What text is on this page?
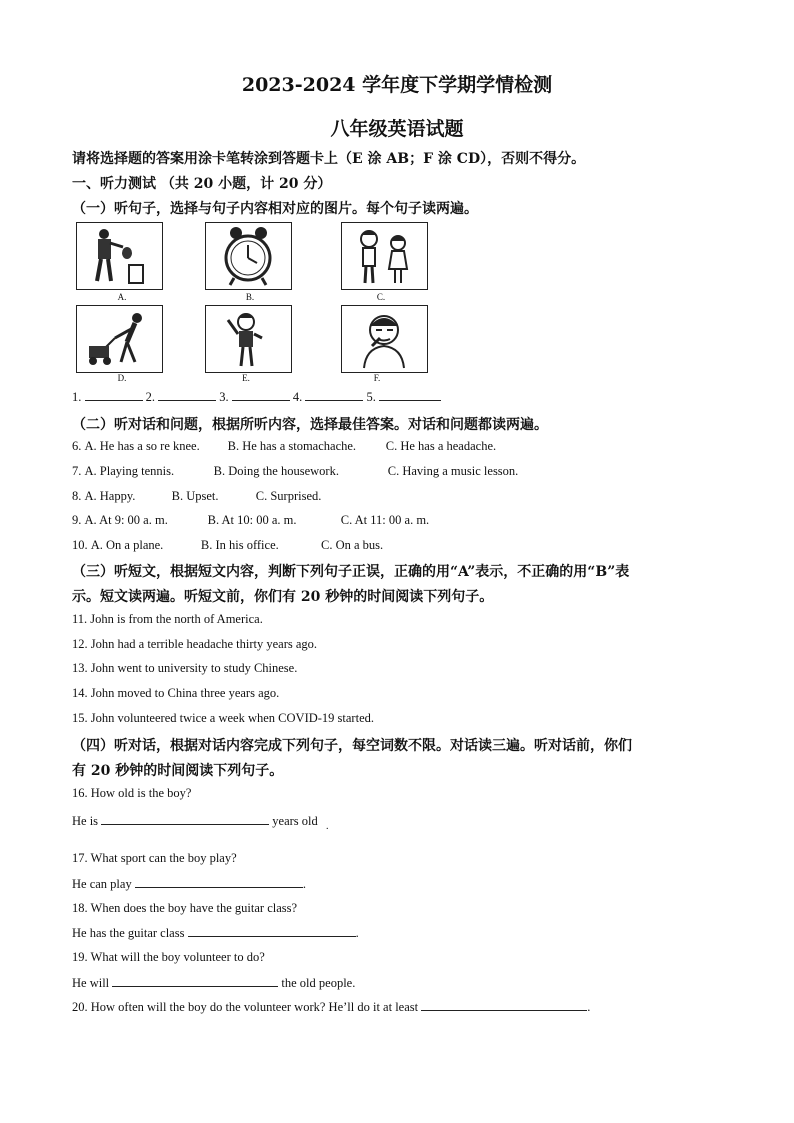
2023-2024 学年度下学期学情检测
八年级英语试题
请将选择题的答案用涂卡笔转涂到答题卡上（E 涂 AB；F 涂 CD），否则不得分。
一、听力测试 （共 20 小题，计 20 分）
（一）听句子，选择与句子内容相对应的图片。每个句子读两遍。
A.	B.	C.
D.	E.	F.
1.	2.	3.	4.	5.
（二）听对话和问题，根据所听内容，选择最佳答案。对话和问题都读两遍。
6. A. He has a so re knee. B. He has a stomachache. C. He has a headache.
7. A. Playing tennis.	B. Doing the housework.	C. Having a music lesson.
8. A. Happy.	B. Upset.	C. Surprised.
9. A. At 9: 00 a. m.	B. At 10: 00 a. m.	C. At 11: 00 a. m.
10. A. On a plane.	B. In his office.	C. On a bus.
（三）听短文，根据短文内容，判断下列句子正误，正确的用“A”表示，不正确的用“B”表
示。短文读两遍。听短文前，你们有 20 秒钟的时间阅读下列句子。
11. John is from the north of America.
12. John had a terrible headache thirty years ago.
13. John went to university to study Chinese.
14. John moved to China three years ago.
15. John volunteered twice a week when COVID-19 started.
（四）听对话，根据对话内容完成下列句子，每空词数不限。对话读三遍。听对话前，你们
有 20 秒钟的时间阅读下列句子。
16. How old is the boy?
He is	years old .
17. What sport can the boy play?
He can play	.
18. When does the boy have the guitar class?
He has the guitar class	.
19. What will the boy volunteer to do?
He will	the old people.
20. How often will the boy do the volunteer work? He’ll do it at least	.
